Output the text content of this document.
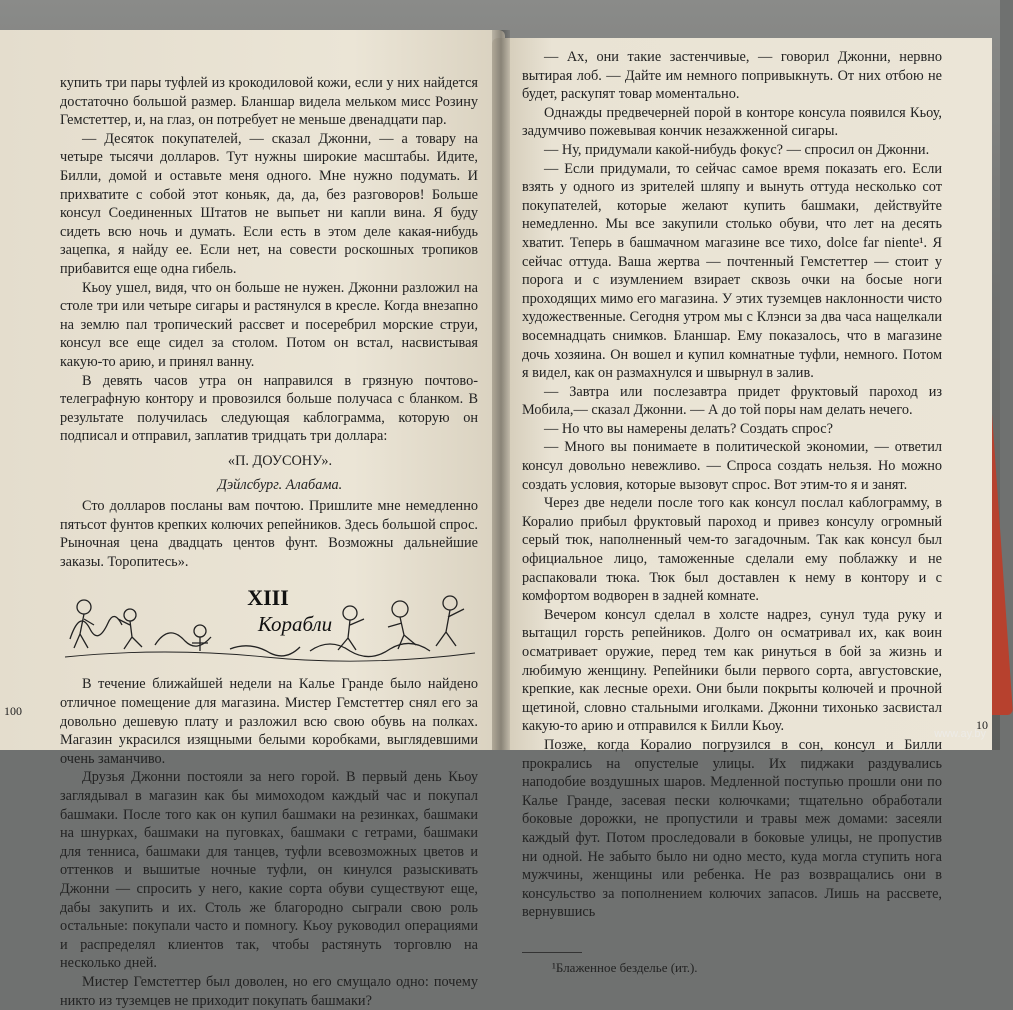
купить три пары туфлей из крокодиловой кожи, если у них найдется достаточно большой размер. Бланшар видела мельком мисс Розину Гемстеттер, и, на глаз, он потребует не меньше двенадцати пар.

— Десяток покупателей, — сказал Джонни, — а товару на четыре тысячи долларов. Тут нужны широкие масштабы. Идите, Билли, домой и оставьте меня одного. Мне нужно подумать. И прихватите с собой этот коньяк, да, да, без разговоров! Больше консул Соединенных Штатов не выпьет ни капли вина. Я буду сидеть всю ночь и думать. Если есть в этом деле какая-нибудь зацепка, я найду ее. Если нет, на совести роскошных тропиков прибавится еще одна гибель.

Кьоу ушел, видя, что он больше не нужен. Джонни разложил на столе три или четыре сигары и растянулся в кресле. Когда внезапно на землю пал тропический рассвет и посеребрил морские струи, консул все еще сидел за столом. Потом он встал, насвистывая какую-то арию, и принял ванну.

В девять часов утра он направился в грязную почтово-телеграфную контору и провозился больше получаса с бланком. В результате получилась следующая каблограмма, которую он подписал и отправил, заплатив тридцать три доллара:

«П. ДОУСОНУ».

Дэйлсбург. Алабама.

Сто долларов посланы вам почтою. Пришлите мне немедленно пятьсот фунтов крепких колючих репейников. Здесь большой спрос. Рыночная цена двадцать центов фунт. Возможны дальнейшие заказы. Торопитесь».

XIII
Корабли

В течение ближайшей недели на Калье Гранде было найдено отличное помещение для магазина. Мистер Гемстеттер снял его за довольно дешевую плату и разложил всю свою обувь на полках. Магазин украсился изящными белыми коробками, выглядевшими очень заманчиво.

Друзья Джонни постояли за него горой. В первый день Кьоу заглядывал в магазин как бы мимоходом каждый час и покупал башмаки. После того как он купил башмаки на резинках, башмаки на шнурках, башмаки на пуговках, башмаки с гетрами, башмаки для тенниса, башмаки для танцев, туфли всевозможных цветов и оттенков и вышитые ночные туфли, он кинулся разыскивать Джонни — спросить у него, какие сорта обуви существуют еще, дабы закупить и их. Столь же благородно сыграли свою роль остальные: покупали часто и помногу. Кьоу руководил операциями и распределял клиентов так, чтобы растянуть торговлю на несколько дней.

Мистер Гемстеттер был доволен, но его смущало одно: почему никто из туземцев не приходит покупать башмаки?

100

— Ах, они такие застенчивые, — говорил Джонни, нервно вытирая лоб. — Дайте им немного попривыкнуть. От них отбою не будет, раскупят товар моментально.

Однажды предвечерней порой в конторе консула появился Кьоу, задумчиво пожевывая кончик незажженной сигары.

— Ну, придумали какой-нибудь фокус? — спросил он Джонни.

— Если придумали, то сейчас самое время показать его. Если взять у одного из зрителей шляпу и вынуть оттуда несколько сот покупателей, которые желают купить башмаки, действуйте немедленно. Мы все закупили столько обуви, что лет на десять хватит. Теперь в башмачном магазине все тихо, dolce far niente¹. Я сейчас оттуда. Ваша жертва — почтенный Гемстеттер — стоит у порога и с изумлением взирает сквозь очки на босые ноги проходящих мимо его магазина. У этих туземцев наклонности чисто художественные. Сегодня утром мы с Клэнси за два часа нащелкали восемнадцать снимков. Бланшар. Ему показалось, что в магазине дочь хозяина. Он вошел и купил комнатные туфли, немного. Потом я видел, как он размахнулся и швырнул в залив.

— Завтра или послезавтра придет фруктовый пароход из Мобила,— сказал Джонни. — А до той поры нам делать нечего.

— Но что вы намерены делать? Создать спрос?

— Много вы понимаете в политической экономии, — ответил консул довольно невежливо. — Спроса создать нельзя. Но можно создать условия, которые вызовут спрос. Вот этим-то я и занят.

Через две недели после того как консул послал каблограмму, в Коралио прибыл фруктовый пароход и привез консулу огромный серый тюк, наполненный чем-то загадочным. Так как консул был официальное лицо, таможенные сделали ему поблажку и не распаковали тюка. Тюк был доставлен к нему в контору и с комфортом водворен в задней комнате.

Вечером консул сделал в холсте надрез, сунул туда руку и вытащил горсть репейников. Долго он осматривал их, как воин осматривает оружие, перед тем как ринуться в бой за жизнь и любимую женщину. Репейники были первого сорта, августовские, крепкие, как лесные орехи. Они были покрыты колючей и прочной щетиной, словно стальными иголками. Джонни тихонько засвистал какую-то арию и отправился к Билли Кьоу.

Позже, когда Коралио погрузился в сон, консул и Билли прокрались на опустелые улицы. Их пиджаки раздувались наподобие воздушных шаров. Медленной поступью прошли они по Калье Гранде, засевая пески колючками; тщательно обработали боковые дорожки, не пропустили и травы меж домами: засеяли каждый фут. Потом проследовали в боковые улицы, не пропустив ни одной. Не забыто было ни одно место, куда могла ступить нога мужчины, женщины или ребенка. Не раз возвращались они в консульство за пополнением колючих запасов. Лишь на рассвете, вернувшись

¹Блаженное безделье (ит.).

10
www.ay.by
